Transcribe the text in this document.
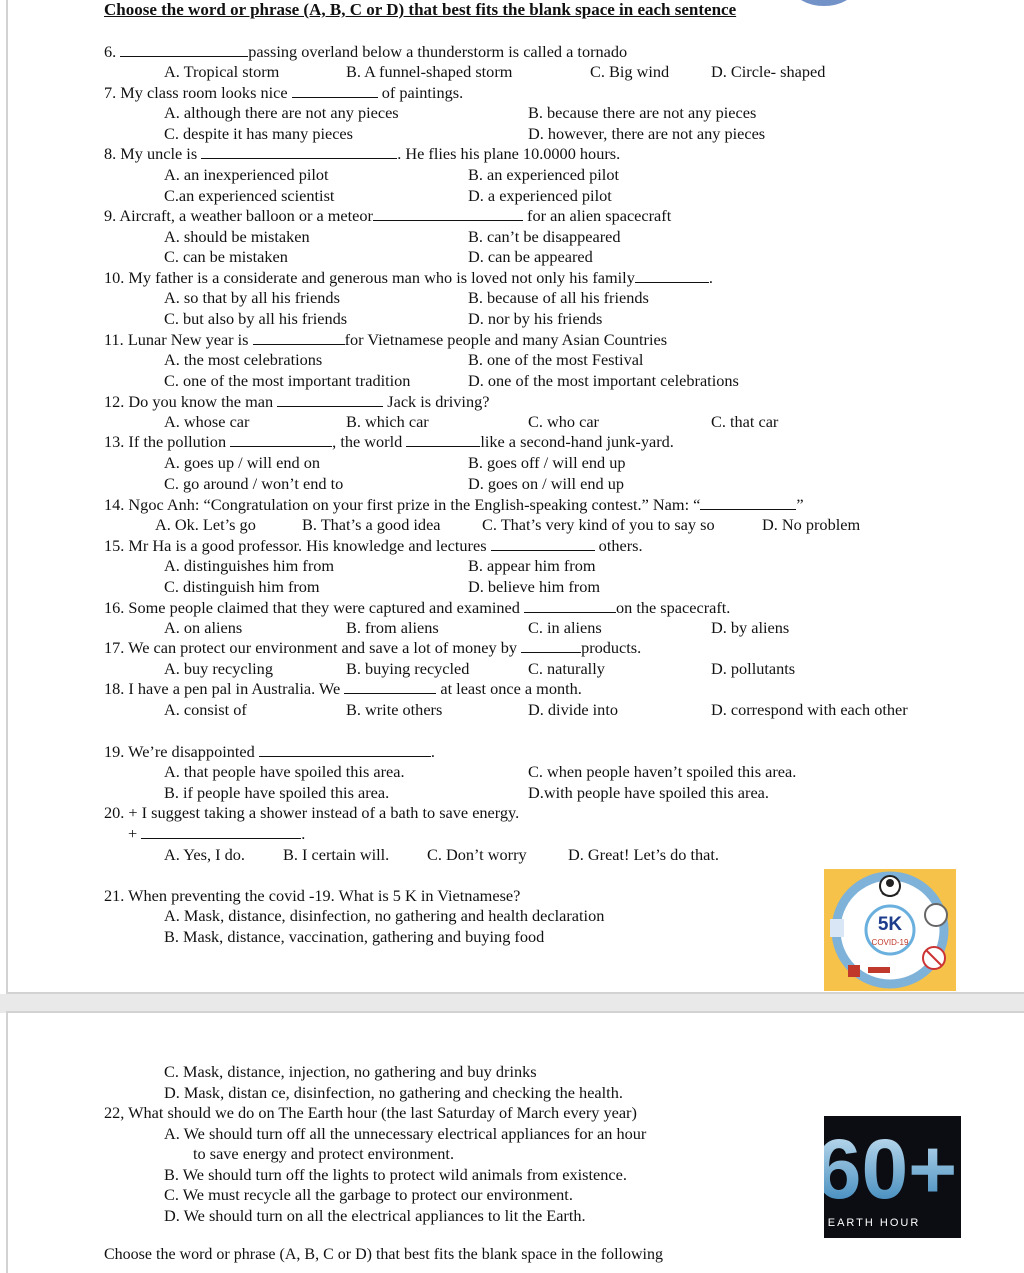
Choose the word or phrase (A, B, C or D) that best fits the blank space in each sentence
6.	passing overland below a thunderstorm is called a tornado
A. Tropical storm	B. A funnel-shaped storm	C. Big wind	D. Circle- shaped
7. My class room looks nice	of paintings.
A. although there are not any pieces	B. because there are not any pieces
C. despite it has many pieces	D. however, there are not any pieces
8. My uncle is	. He flies his plane 10.0000 hours.
A. an inexperienced pilot	B. an experienced pilot
C.an experienced scientist	D. a experienced pilot
9. Aircraft, a weather balloon or a meteor	for an alien spacecraft
A. should be mistaken	B. can’t be disappeared
C. can be mistaken	D. can be appeared
10. My father is a considerate and generous man who is loved not only his family	.
A. so that by all his friends	B. because of all his friends
C. but also by all his friends	D. nor by his friends
11. Lunar New year is	for Vietnamese people and many Asian Countries
A. the most celebrations	B. one of the most Festival
C. one of the most important tradition	D. one of the most important celebrations
12. Do you know the man	Jack is driving?
A. whose car	B. which car	C. who car	C. that car
13. If the pollution	, the world	like a second-hand junk-yard.
A. goes up / will end on	B. goes off / will end up
C. go around / won’t end to	D. goes on / will end up
14. Ngoc Anh: “Congratulation on your first prize in the English-speaking contest.” Nam: “	”
A. Ok. Let’s go	B. That’s a good idea	C. That’s very kind of you to say so	D. No problem
15. Mr Ha is a good professor. His knowledge and lectures	others.
A. distinguishes him from	B. appear him from
C. distinguish him from	D. believe him from
16. Some people claimed that they were captured and examined	on the spacecraft.
A. on aliens	B. from aliens	C. in aliens	D. by aliens
17. We can protect our environment and save a lot of money by	products.
A. buy recycling	B. buying recycled	C. naturally	D. pollutants
18. I have a pen pal in Australia. We	at least once a month.
A. consist of	B. write others	D. divide into	D. correspond with each other
19. We’re disappointed	.
A. that people have spoiled this area.	C. when people haven’t spoiled this area.
B. if people have spoiled this area.	D.with people have spoiled this area.
20. + I suggest taking a shower instead of a bath to save energy.
+	.
A. Yes, I do. B. I certain will. C. Don’t worry	D. Great! Let’s do that.
21. When preventing the covid -19. What is 5 K in Vietnamese?
A. Mask, distance, disinfection, no gathering and health declaration
B. Mask, distance, vaccination, gathering and buying food
C. Mask, distance, injection, no gathering and buy drinks
D. Mask, distan ce, disinfection, no gathering and checking the health.
22, What should we do on The Earth hour (the last Saturday of March every year)
A. We should turn off all the unnecessary electrical appliances for an hour
to save energy and protect environment.
B. We should turn off the lights to protect wild animals from existence.
C. We must recycle all the garbage to protect our environment.
D. We should turn on all the electrical appliances to lit the Earth.
5K
COVID-19
60+
EARTH HOUR
Choose the word or phrase (A, B, C or D) that best fits the blank space in the following
